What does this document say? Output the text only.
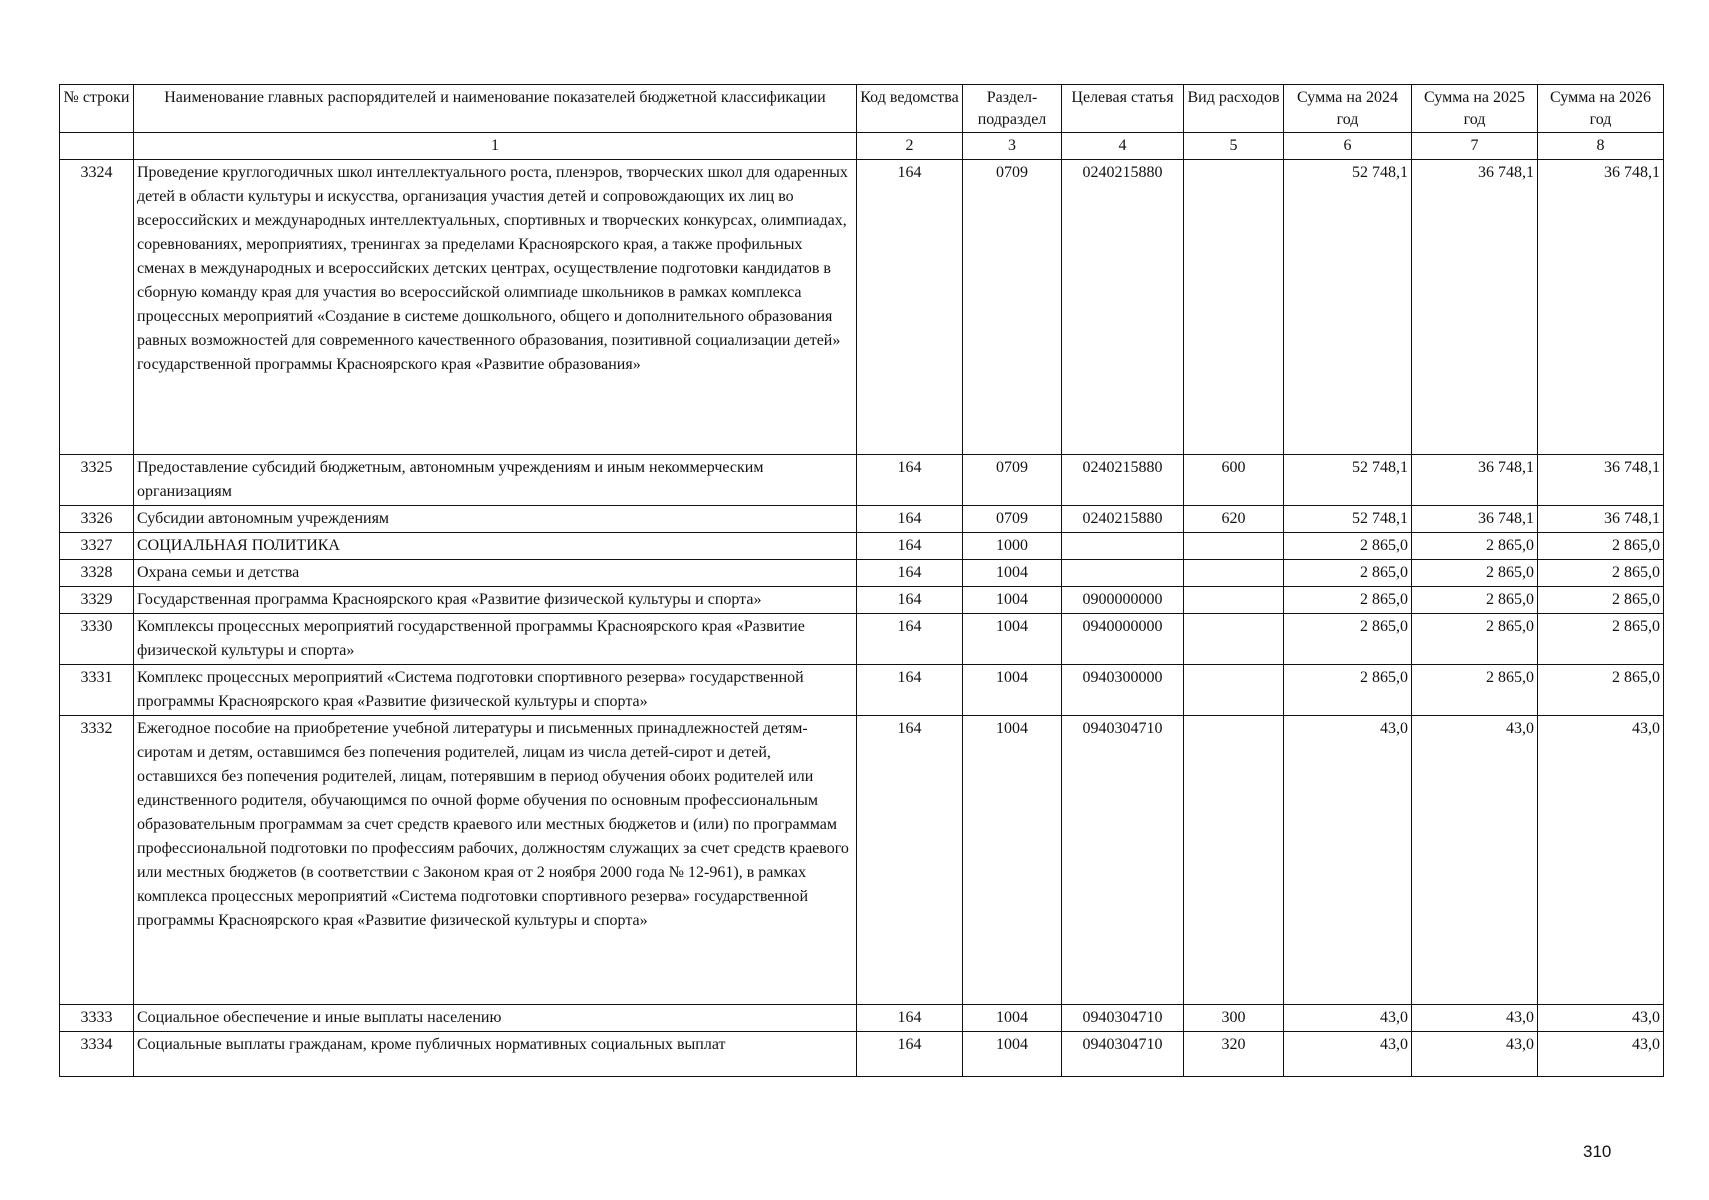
№ строки	Наименование главных распорядителей и наименование показателей бюджетной классификации	Код ведомства	Раздел-подраздел	Целевая статья	Вид расходов	Сумма на 2024 год	Сумма на 2025 год	Сумма на 2026 год
	1	2	3	4	5	6	7	8
3324	Проведение круглогодичных школ интеллектуального роста, пленэров, творческих школ для одаренных детей в области культуры и искусства, организация участия детей и сопровождающих их лиц во всероссийских и международных интеллектуальных, спортивных и творческих конкурсах, олимпиадах, соревнованиях, мероприятиях, тренингах за пределами Красноярского края, а также профильных сменах в международных и всероссийских детских центрах, осуществление подготовки кандидатов в сборную команду края для участия во всероссийской олимпиаде школьников в рамках комплекса процессных мероприятий «Создание в системе дошкольного, общего и дополнительного образования равных возможностей для современного качественного образования, позитивной социализации детей» государственной программы Красноярского края «Развитие образования»	164	0709	0240215880		52 748,1	36 748,1	36 748,1
3325	Предоставление субсидий бюджетным, автономным учреждениям и иным некоммерческим организациям	164	0709	0240215880	600	52 748,1	36 748,1	36 748,1
3326	Субсидии автономным учреждениям	164	0709	0240215880	620	52 748,1	36 748,1	36 748,1
3327	СОЦИАЛЬНАЯ ПОЛИТИКА	164	1000			2 865,0	2 865,0	2 865,0
3328	Охрана семьи и детства	164	1004			2 865,0	2 865,0	2 865,0
3329	Государственная программа Красноярского края «Развитие физической культуры и спорта»	164	1004	0900000000		2 865,0	2 865,0	2 865,0
3330	Комплексы процессных мероприятий государственной программы Красноярского края «Развитие физической культуры и спорта»	164	1004	0940000000		2 865,0	2 865,0	2 865,0
3331	Комплекс процессных мероприятий «Система подготовки спортивного резерва» государственной программы Красноярского края «Развитие физической культуры и спорта»	164	1004	0940300000		2 865,0	2 865,0	2 865,0
3332	Ежегодное пособие на приобретение учебной литературы и письменных принадлежностей детям-сиротам и детям, оставшимся без попечения родителей, лицам из числа детей-сирот и детей, оставшихся без попечения родителей, лицам, потерявшим в период обучения обоих родителей или единственного родителя, обучающимся по очной форме обучения по основным профессиональным образовательным программам за счет средств краевого или местных бюджетов и (или) по программам профессиональной подготовки по профессиям рабочих, должностям служащих за счет средств краевого или местных бюджетов (в соответствии с Законом края от 2 ноября 2000 года № 12-961), в рамках комплекса процессных мероприятий «Система подготовки спортивного резерва» государственной программы Красноярского края «Развитие физической культуры и спорта»	164	1004	0940304710		43,0	43,0	43,0
3333	Социальное обеспечение и иные выплаты населению	164	1004	0940304710	300	43,0	43,0	43,0
3334	Социальные выплаты гражданам, кроме публичных нормативных социальных выплат	164	1004	0940304710	320	43,0	43,0	43,0
310
